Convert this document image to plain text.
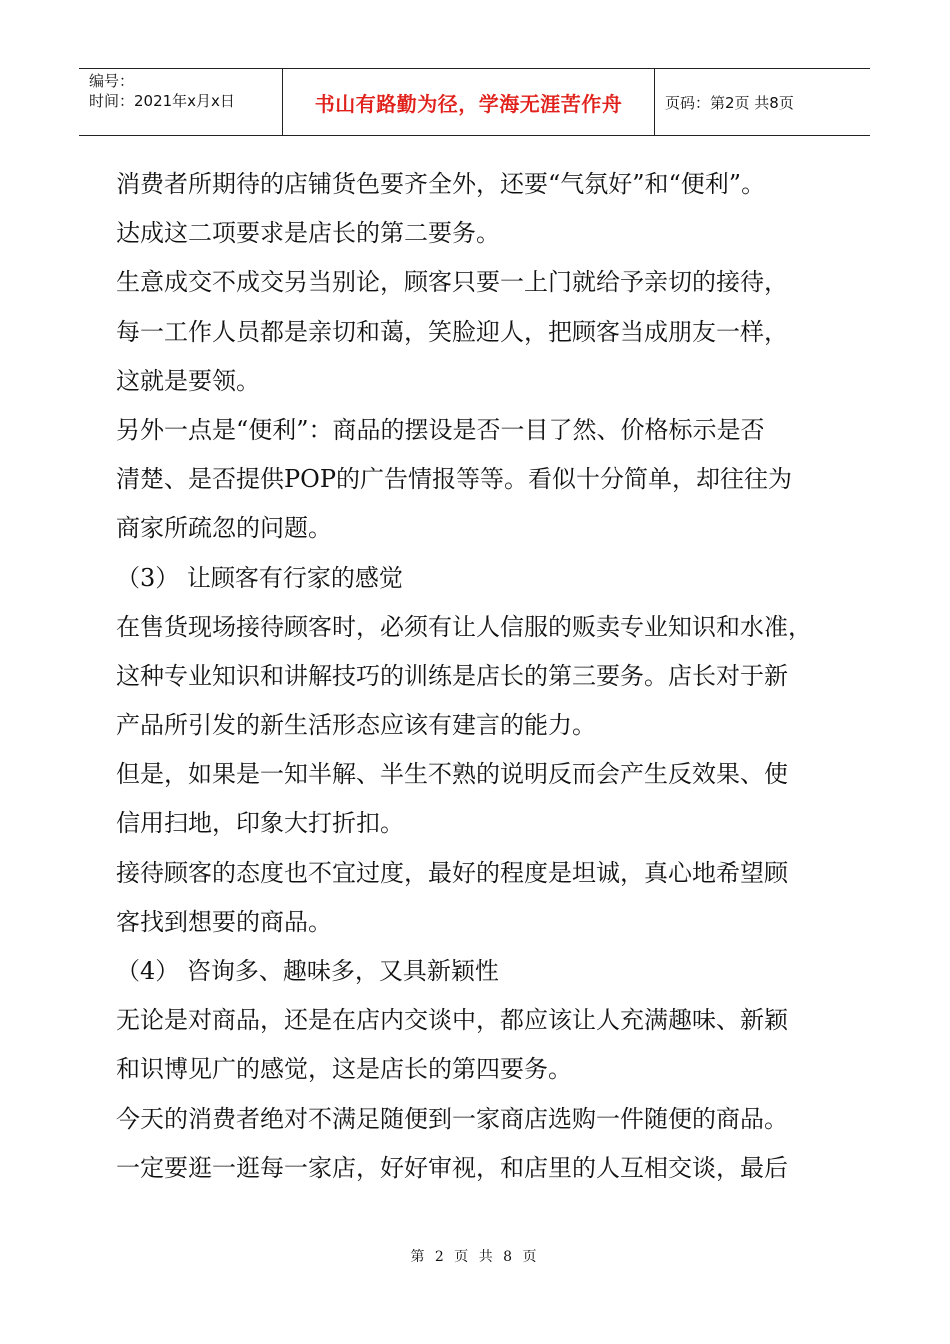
编号：
时间：2021年x月x日	书山有路勤为径，学海无涯苦作舟	页码：第2页 共8页
消费者所期待的店铺货色要齐全外，还要“气氛好”和“便利”。
达成这二项要求是店长的第二要务。
生意成交不成交另当别论，顾客只要一上门就给予亲切的接待，
每一工作人员都是亲切和蔼，笑脸迎人，把顾客当成朋友一样，
这就是要领。
另外一点是“便利”：商品的摆设是否一目了然、价格标示是否
清楚、是否提供POP的广告情报等等。看似十分简单，却往往为
商家所疏忽的问题。
（3） 让顾客有行家的感觉
在售货现场接待顾客时，必须有让人信服的贩卖专业知识和水准，
这种专业知识和讲解技巧的训练是店长的第三要务。店长对于新
产品所引发的新生活形态应该有建言的能力。
但是，如果是一知半解、半生不熟的说明反而会产生反效果、使
信用扫地，印象大打折扣。
接待顾客的态度也不宜过度，最好的程度是坦诚，真心地希望顾
客找到想要的商品。
（4） 咨询多、趣味多，又具新颖性
无论是对商品，还是在店内交谈中，都应该让人充满趣味、新颖
和识博见广的感觉，这是店长的第四要务。
今天的消费者绝对不满足随便到一家商店选购一件随便的商品。
一定要逛一逛每一家店，好好审视，和店里的人互相交谈，最后
第 2 页 共 8 页
